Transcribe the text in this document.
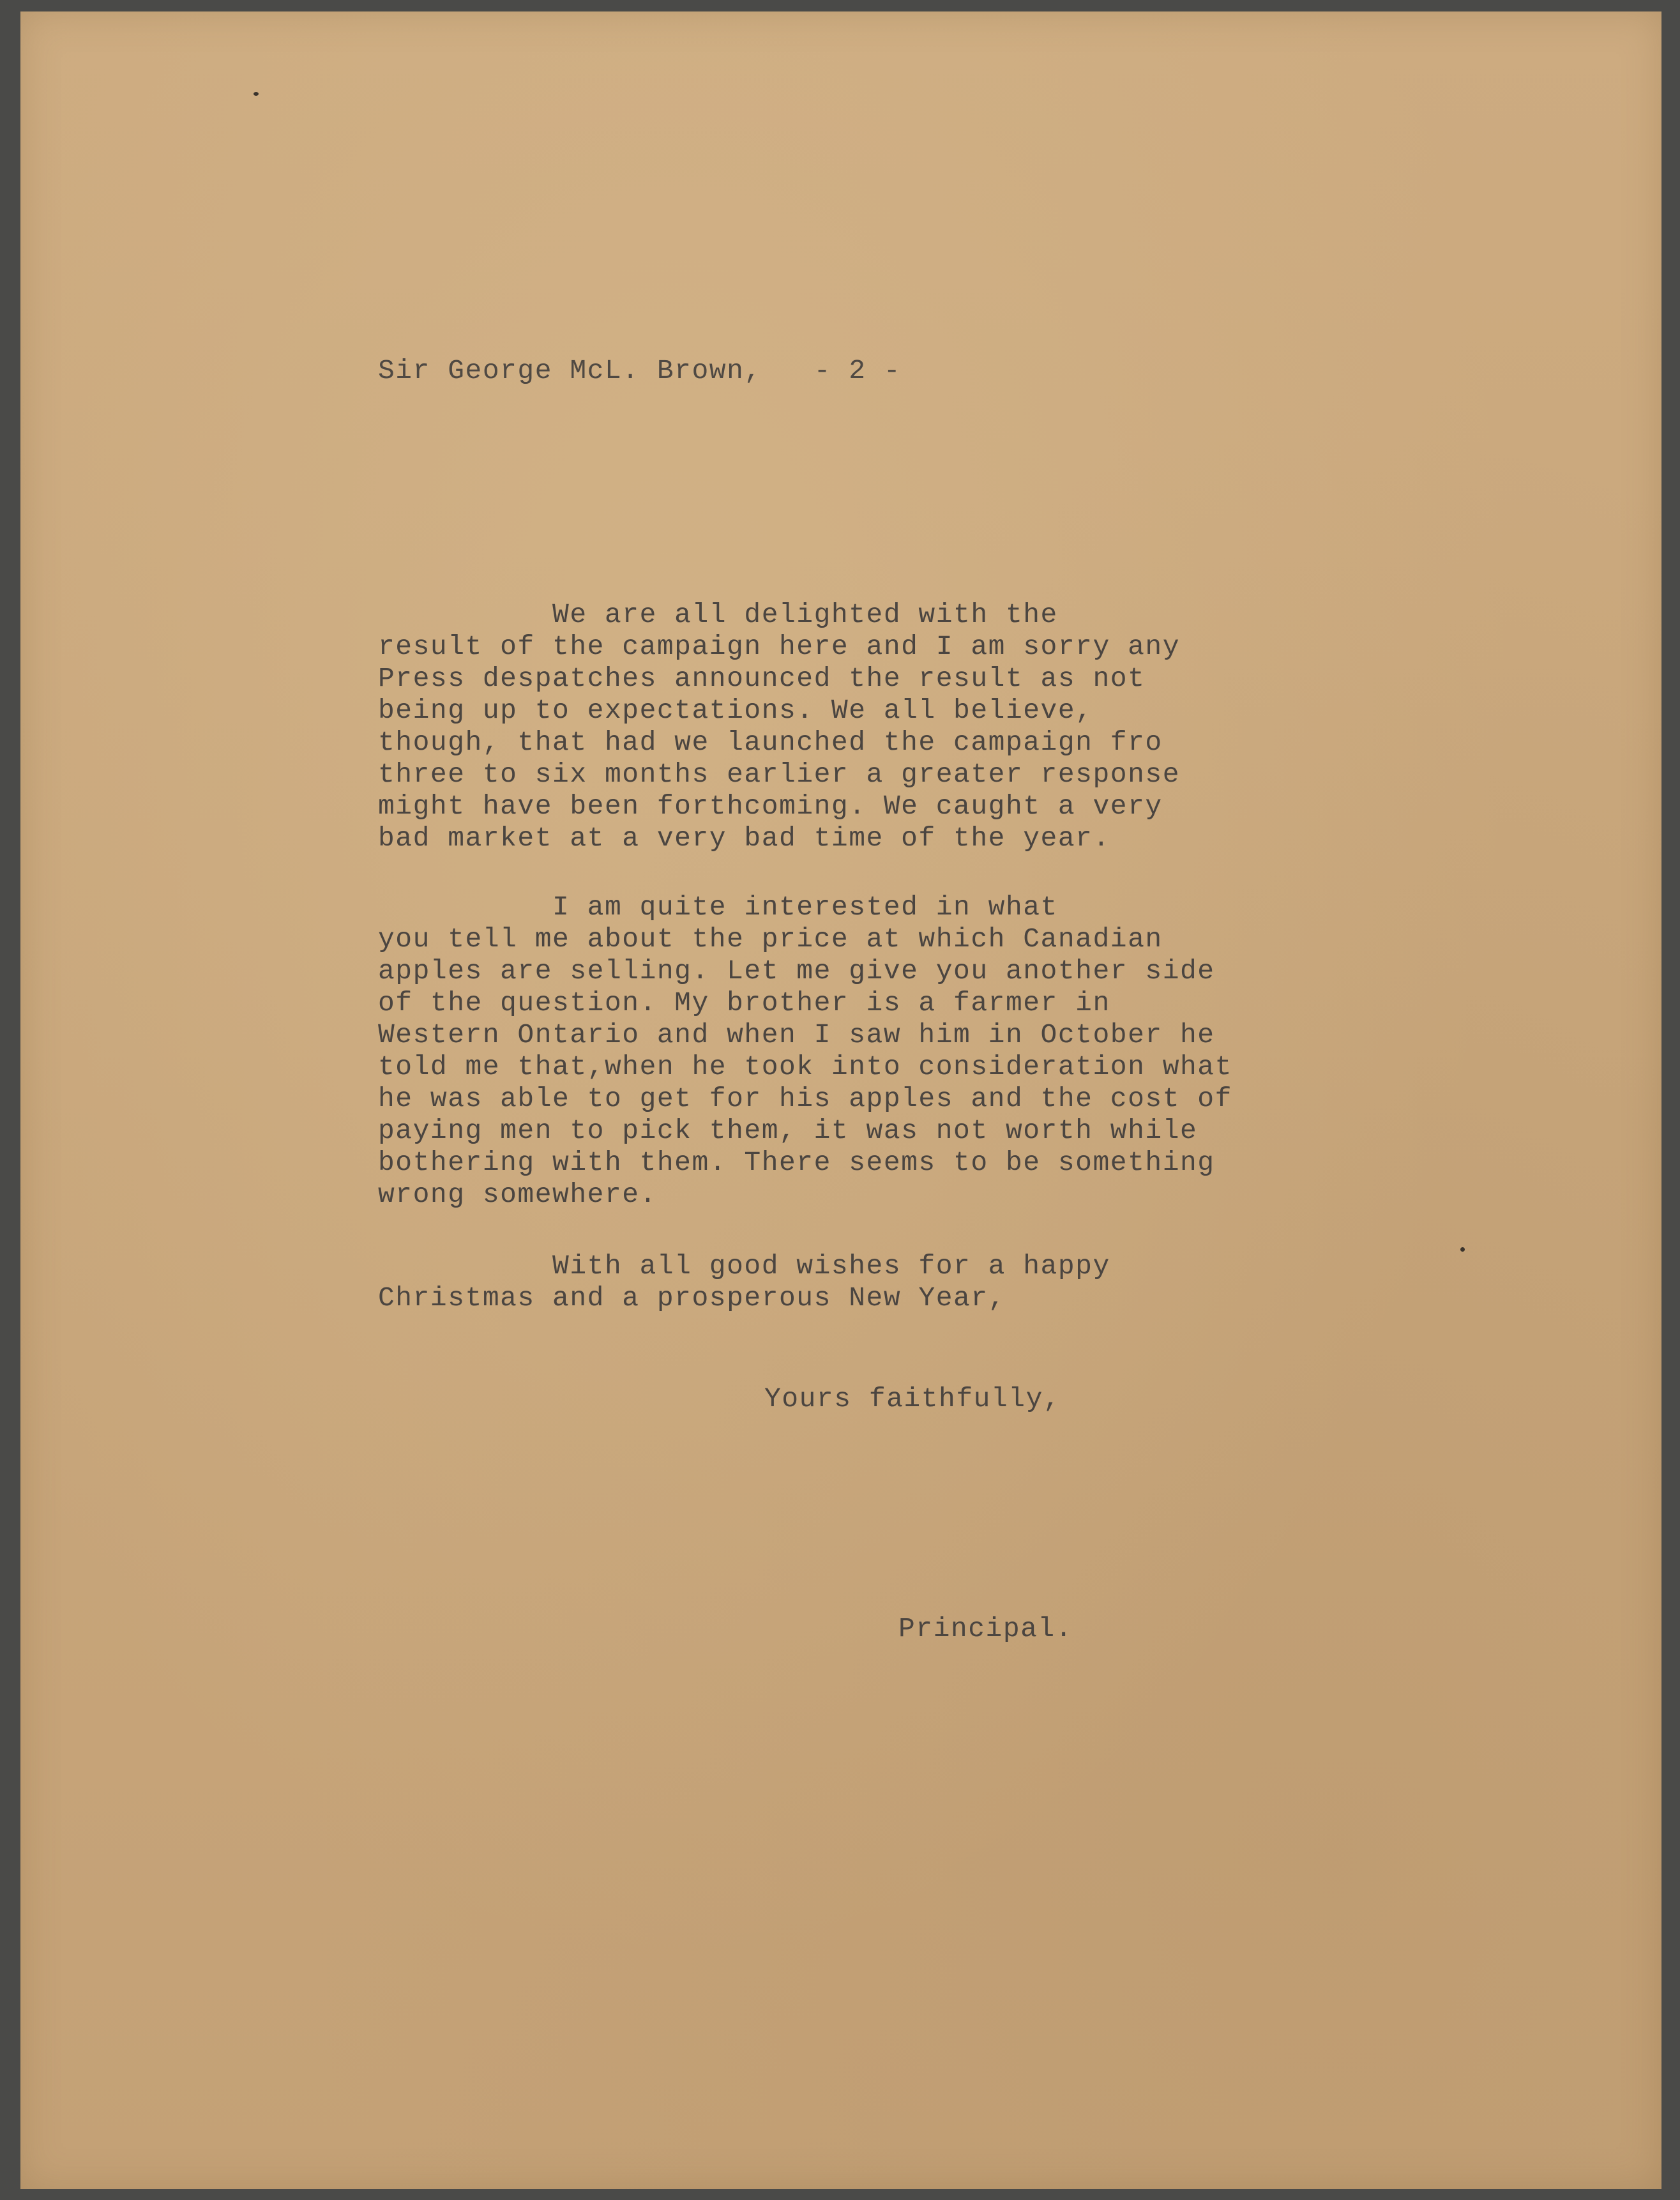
Sir George McL. Brown,   - 2 -
We are all delighted with the
result of the campaign here and I am sorry any
Press despatches announced the result as not
being up to expectations. We all believe,
though, that had we launched the campaign fro
three to six months earlier a greater response
might have been forthcoming. We caught a very
bad market at a very bad time of the year.
I am quite interested in what
you tell me about the price at which Canadian
apples are selling. Let me give you another side
of the question. My brother is a farmer in
Western Ontario and when I saw him in October he
told me that,when he took into consideration what
he was able to get for his apples and the cost of
paying men to pick them, it was not worth while
bothering with them. There seems to be something
wrong somewhere.
With all good wishes for a happy
Christmas and a prosperous New Year,
Yours faithfully,
Principal.
